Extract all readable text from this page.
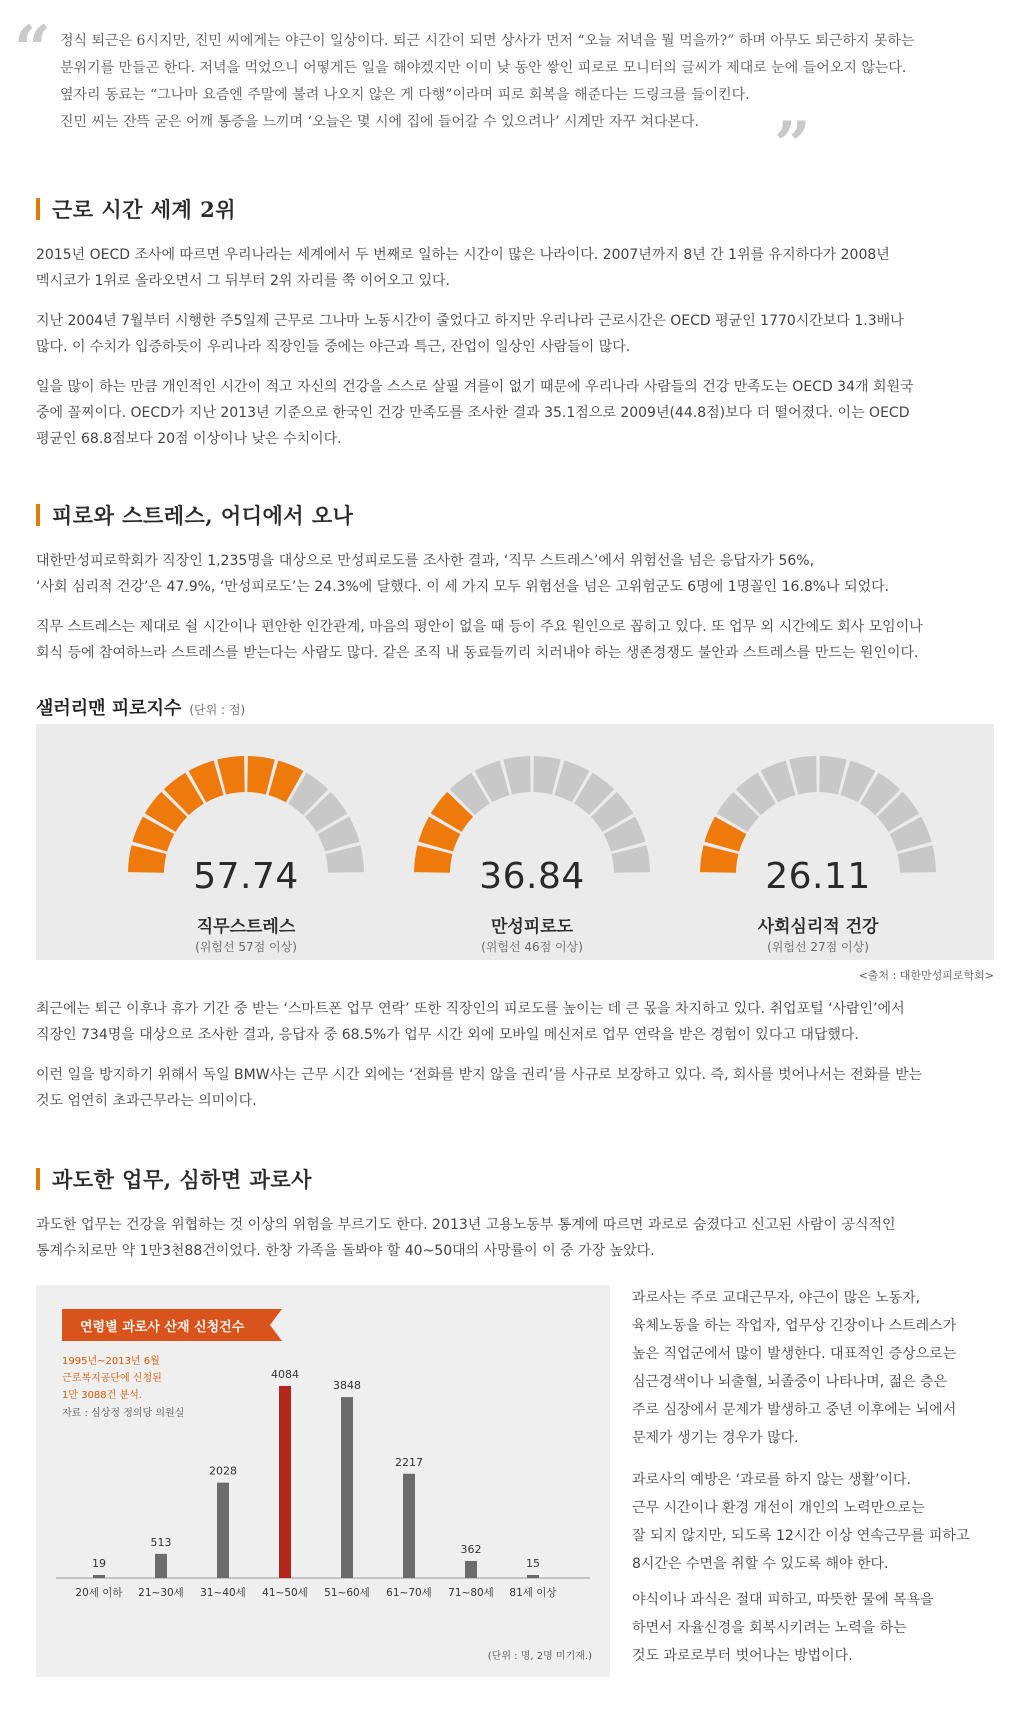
“ 정식 퇴근은 6시지만, 진민 씨에게는 야근이 일상이다. 퇴근 시간이 되면 상사가 먼저 “오늘 저녁을 뭘 먹을까?” 하며 아무도 퇴근하지 못하는

분위기를 만들곤 한다. 저녁을 먹었으니 어떻게든 일을 해야겠지만 이미 낮 동안 쌓인 피로로 모니터의 글씨가 제대로 눈에 들어오지 않는다.

옆자리 동료는 “그나마 요즘엔 주말에 불려 나오지 않은 게 다행”이라며 피로 회복을 해준다는 드링크를 들이킨다.

진민 씨는 잔뜩 굳은 어깨 통증을 느끼며 ‘오늘은 몇 시에 집에 들어갈 수 있으려나’ 시계만 자꾸 쳐다본다.	”
근로 시간 세계 2위

2015년 OECD 조사에 따르면 우리나라는 세계에서 두 번째로 일하는 시간이 많은 나라이다. 2007년까지 8년 간 1위를 유지하다가 2008년

멕시코가 1위로 올라오면서 그 뒤부터 2위 자리를 쭉 이어오고 있다.

지난 2004년 7월부터 시행한 주5일제 근무로 그나마 노동시간이 줄었다고 하지만 우리나라 근로시간은 OECD 평균인 1770시간보다 1.3배나

많다. 이 수치가 입증하듯이 우리나라 직장인들 중에는 야근과 특근, 잔업이 일상인 사람들이 많다.

일을 많이 하는 만큼 개인적인 시간이 적고 자신의 건강을 스스로 살필 겨를이 없기 때문에 우리나라 사람들의 건강 만족도는 OECD 34개 회원국

중에 꼴찌이다. OECD가 지난 2013년 기준으로 한국인 건강 만족도를 조사한 결과 35.1점으로 2009년(44.8점)보다 더 떨어졌다. 이는 OECD

평균인 68.8점보다 20점 이상이나 낮은 수치이다.

피로와 스트레스, 어디에서 오나

대한만성피로학회가 직장인 1,235명을 대상으로 만성피로도를 조사한 결과, ‘직무 스트레스’에서 위험선을 넘은 응답자가 56%,

‘사회 심리적 건강’은 47.9%, ‘만성피로도’는 24.3%에 달했다. 이 세 가지 모두 위험선을 넘은 고위험군도 6명에 1명꼴인 16.8%나 되었다.

직무 스트레스는 제대로 쉴 시간이나 편안한 인간관계, 마음의 평안이 없을 때 등이 주요 원인으로 꼽히고 있다. 또 업무 외 시간에도 회사 모임이나

회식 등에 참여하느라 스트레스를 받는다는 사람도 많다. 같은 조직 내 동료들끼리 치러내야 하는 생존경쟁도 불안과 스트레스를 만드는 원인이다.

샐러리맨 피로지수 (단위 : 점)
57.74
직무스트레스
(위험선 57점 이상)
36.84
만성피로도
(위험선 46점 이상)
26.11
사회심리적 건강
(위험선 27점 이상)
<출처 : 대한만성피로학회>

최근에는 퇴근 이후나 휴가 기간 중 받는 ‘스마트폰 업무 연락’ 또한 직장인의 피로도를 높이는 데 큰 몫을 차지하고 있다. 취업포털 ‘사람인’에서

직장인 734명을 대상으로 조사한 결과, 응답자 중 68.5%가 업무 시간 외에 모바일 메신저로 업무 연락을 받은 경험이 있다고 대답했다.

이런 일을 방지하기 위해서 독일 BMW사는 근무 시간 외에는 ‘전화를 받지 않을 권리’를 사규로 보장하고 있다. 즉, 회사를 벗어나서는 전화를 받는

것도 엄연히 초과근무라는 의미이다.

과도한 업무, 심하면 과로사

과도한 업무는 건강을 위협하는 것 이상의 위험을 부르기도 한다. 2013년 고용노동부 통계에 따르면 과로로 숨졌다고 신고된 사람이 공식적인

통계수치로만 약 1만3천88건이었다. 한창 가족을 돌봐야 할 40~50대의 사망률이 이 중 가장 높았다.

연령별 과로사 산재 신청건수

1995년~2013년 6월

근로복지공단에 신청된

1만 3088건 분석.

자료 : 심상정 정의당 의원실
19
20세 이하
513
21~30세
2028
31~40세
4084
41~50세
3848
51~60세
2217
61~70세
362
71~80세
15
81세 이상
(단위 : 명, 2명 미기재.)

과로사는 주로 교대근무자, 야근이 많은 노동자,

육체노동을 하는 작업자, 업무상 긴장이나 스트레스가

높은 직업군에서 많이 발생한다. 대표적인 증상으로는

심근경색이나 뇌출혈, 뇌졸중이 나타나며, 젊은 층은

주로 심장에서 문제가 발생하고 중년 이후에는 뇌에서

문제가 생기는 경우가 많다.

과로사의 예방은 ‘과로를 하지 않는 생활’이다.

근무 시간이나 환경 개선이 개인의 노력만으로는

잘 되지 않지만, 되도록 12시간 이상 연속근무를 피하고

8시간은 수면을 취할 수 있도록 해야 한다.

야식이나 과식은 절대 피하고, 따뜻한 물에 목욕을

하면서 자율신경을 회복시키려는 노력을 하는

것도 과로로부터 벗어나는 방법이다.
